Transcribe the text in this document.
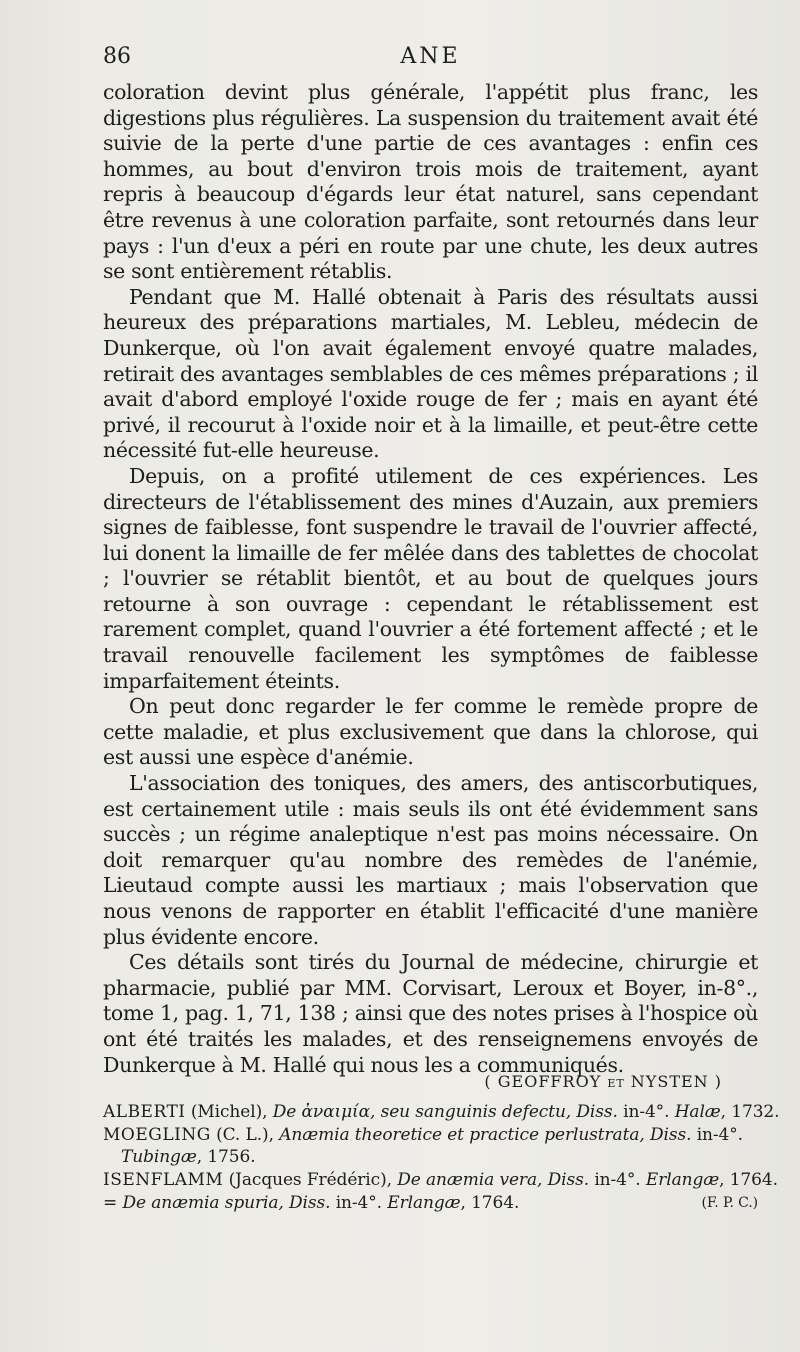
86	ANE

coloration devint plus générale, l'appétit plus franc, les digestions plus régulières. La suspension du traitement avait été suivie de la perte d'une partie de ces avantages : enfin ces hommes, au bout d'environ trois mois de traitement, ayant repris à beaucoup d'égards leur état naturel, sans cependant être revenus à une coloration parfaite, sont retournés dans leur pays : l'un d'eux a péri en route par une chute, les deux autres se sont entièrement rétablis.

Pendant que M. Hallé obtenait à Paris des résultats aussi heureux des préparations martiales, M. Lebleu, médecin de Dunkerque, où l'on avait également envoyé quatre malades, retirait des avantages semblables de ces mêmes préparations ; il avait d'abord employé l'oxide rouge de fer ; mais en ayant été privé, il recourut à l'oxide noir et à la limaille, et peut-être cette nécessité fut-elle heureuse.

Depuis, on a profité utilement de ces expériences. Les directeurs de l'établissement des mines d'Auzain, aux premiers signes de faiblesse, font suspendre le travail de l'ouvrier affecté, lui donent la limaille de fer mêlée dans des tablettes de chocolat ; l'ouvrier se rétablit bientôt, et au bout de quelques jours retourne à son ouvrage : cependant le rétablissement est rarement complet, quand l'ouvrier a été fortement affecté ; et le travail renouvelle facilement les symptômes de faiblesse imparfaitement éteints.

On peut donc regarder le fer comme le remède propre de cette maladie, et plus exclusivement que dans la chlorose, qui est aussi une espèce d'anémie.

L'association des toniques, des amers, des antiscorbutiques, est certainement utile : mais seuls ils ont été évidemment sans succès ; un régime analeptique n'est pas moins nécessaire. On doit remarquer qu'au nombre des remèdes de l'anémie, Lieutaud compte aussi les martiaux ; mais l'observation que nous venons de rapporter en établit l'efficacité d'une manière plus évidente encore.

Ces détails sont tirés du Journal de médecine, chirurgie et pharmacie, publié par MM. Corvisart, Leroux et Boyer, in-8°., tome 1, pag. 1, 71, 138 ; ainsi que des notes prises à l'hospice où ont été traités les malades, et des renseignemens envoyés de Dunkerque à M. Hallé qui nous les a communiqués.

( GEOFFROY et NYSTEN )
ALBERTI (Michel), De ἀναιμία, seu sanguinis defectu, Diss. in-4°. Halæ, 1732.
MOEGLING (C. L.), Anæmia theoretice et practice perlustrata, Diss. in-4°. Tubingæ, 1756.
ISENFLAMM (Jacques Frédéric), De anæmia vera, Diss. in-4°. Erlangæ, 1764.
(F. P. C.)
= De anæmia spuria, Diss. in-4°. Erlangæ, 1764.
